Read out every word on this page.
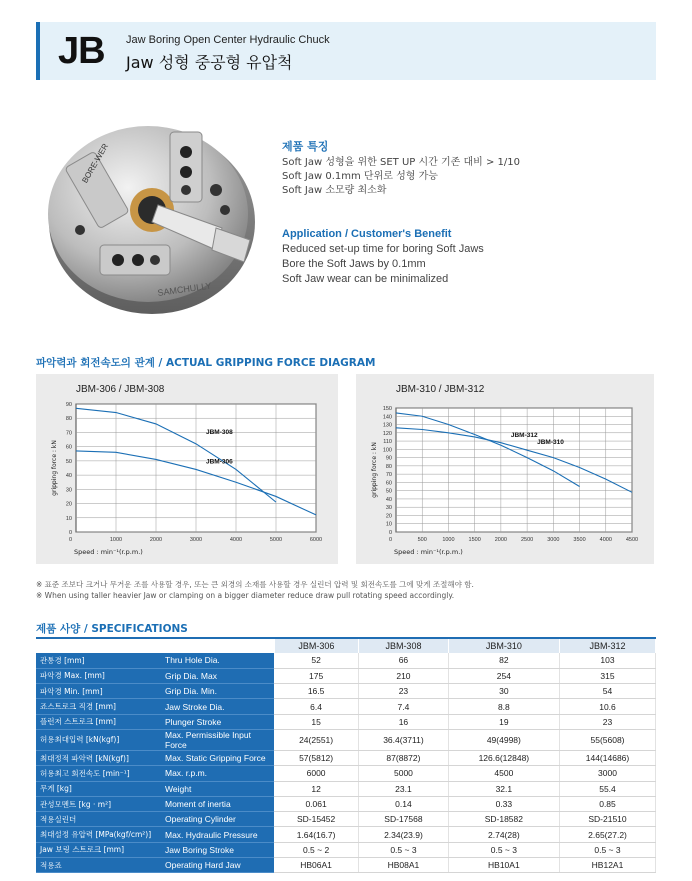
JB Jaw Boring Open Center Hydraulic Chuck
Jaw 성형 중공형 유압척
SAMCHULLY
BORE-WER	제품 특징
Soft Jaw 성형을 위한 SET UP 시간 기존 대비 > 1/10
Soft Jaw 0.1mm 단위로 성형 가능
Soft Jaw 소모량 최소화
Application / Customer's Benefit
Reduced set-up time for boring Soft Jaws
Bore the Soft Jaws by 0.1mm
Soft Jaw wear can be minimalized
파악력과 회전속도의 관계 / ACTUAL GRIPPING FORCE DIAGRAM
JBM-306 / JBM-308
0
10
20
30
40
50
60
70
80
90
1000	2000	3000	4000	5000	6000
0
Speed : min⁻¹(r.p.m.)
gripping force : kN
JBM-308
JBM-306
JBM-310 / JBM-312
0
10
20
30
40
50
60
70
80
90
100
110
120
130
140
150
500	1000	1500	2000	2500	3000	3500	4000	4500
0
Speed : min⁻¹(r.p.m.)
gripping force : kN
JBM-312
JBM-310
※ 표준 조보다 크거나 무거운 조를 사용할 경우, 또는 큰 외경의 소재를 사용할 경우 실린더 압력 및 회전속도를 그에 맞게 조절해야 함.
※ When using taller heavier Jaw or clamping on a bigger diameter reduce draw pull rotating speed accordingly.
제품 사양 / SPECIFICATIONS
		JBM-306	JBM-308	JBM-310	JBM-312
관통경 [mm]	Thru Hole Dia.	52	66	82	103
파악경 Max. [mm]	Grip Dia. Max	175	210	254	315
파악경 Min. [mm]	Grip Dia. Min.	16.5	23	30	54
죠스트로크 직경 [mm]	Jaw Stroke Dia.	6.4	7.4	8.8	10.6
플런저 스트로크 [mm]	Plunger Stroke	15	16	19	23
허용최대입력 [kN(kgf)]	Max. Permissible Input Force	24(2551)	36.4(3711)	49(4998)	55(5608)
최대정적 파악력 [kN(kgf)]	Max. Static Gripping Force	57(5812)	87(8872)	126.6(12848)	144(14686)
허용최고 회전속도 [min⁻¹]	Max. r.p.m.	6000	5000	4500	3000
무게 [kg]	Weight	12	23.1	32.1	55.4
관성모멘트 [kg · m²]	Moment of inertia	0.061	0.14	0.33	0.85
적용실린더	Operating Cylinder	SD-15452	SD-17568	SD-18582	SD-21510
최대설정 유압력 [MPa(kgf/cm²)]	Max. Hydraulic Pressure	1.64(16.7)	2.34(23.9)	2.74(28)	2.65(27.2)
Jaw 보링 스트로크 [mm]	Jaw Boring Stroke	0.5 ~ 2	0.5 ~ 3	0.5 ~ 3	0.5 ~ 3
적용죠	Operating Hard Jaw	HB06A1	HB08A1	HB10A1	HB12A1
